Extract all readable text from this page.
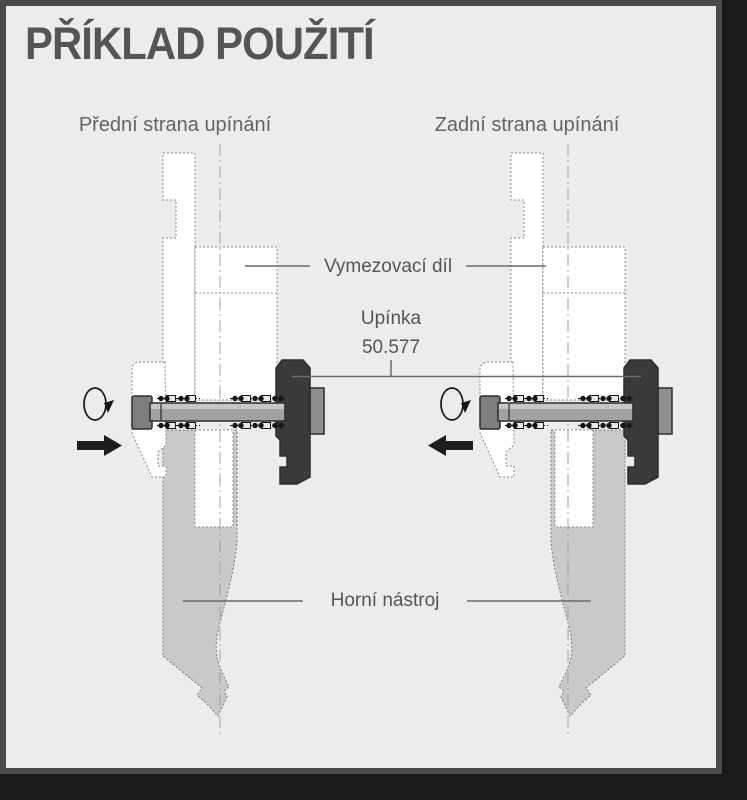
PŘÍKLAD POUŽITÍ
Přední strana upínání	Zadní strana upínání
Vymezovací díl
Upínka
50.577
Horní nástroj
